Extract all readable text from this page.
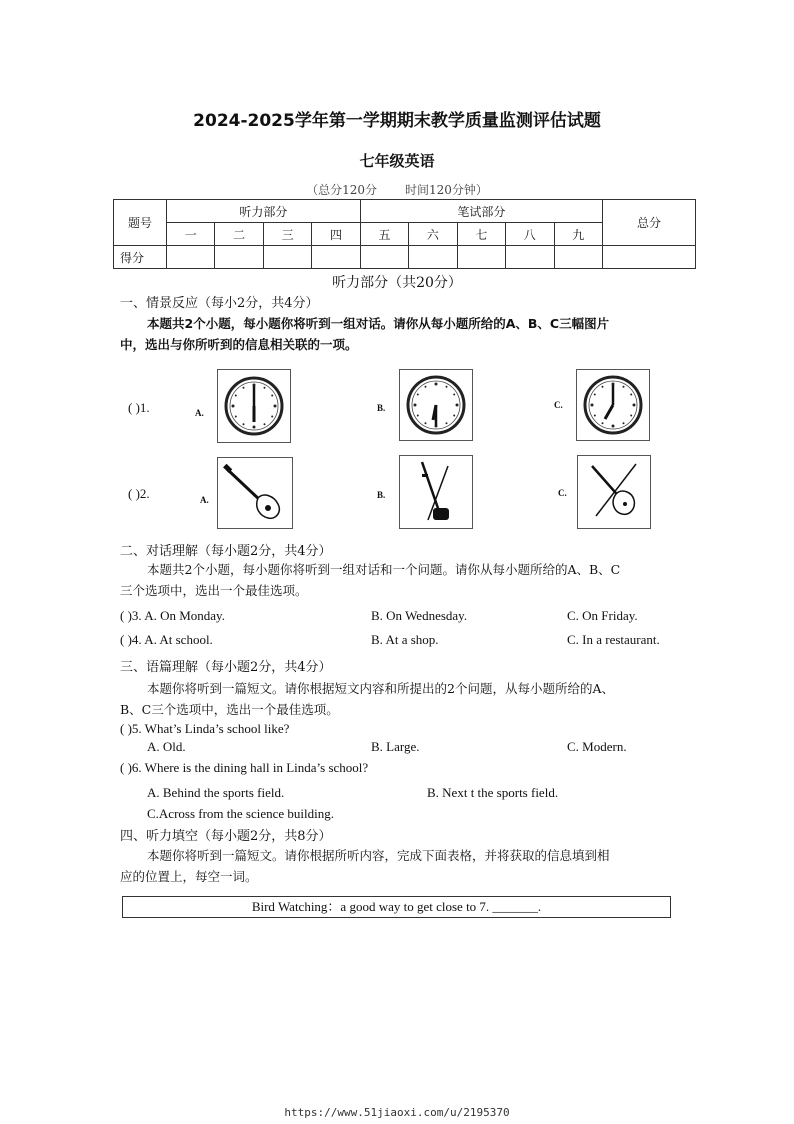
2024-2025学年第一学期期末教学质量监测评估试题
七年级英语
（总分120分 时间120分钟）
题号	听力部分				笔试部分					总分
	一	二	三	四	五	六	七	八	九	
得分										
听力部分（共20分）
一、情景反应（每小2分，共4分）
本题共2个小题，每小题你将听到一组对话。请你从每小题所给的A、B、C三幅图片
中，选出与你所听到的信息相关联的一项。
( )1.	A.	B.	C.
( )2.	A.	B.	C.
二、对话理解（每小题2分，共4分）
本题共2个小题，每小题你将听到一组对话和一个问题。请你从每小题所给的A、B、C
三个选项中，选出一个最佳选项。
( )3. A. On Monday.	B. On Wednesday.	C. On Friday.
( )4. A. At school.	B. At a shop.	C. In a restaurant.
三、语篇理解（每小题2分，共4分）
本题你将听到一篇短文。请你根据短文内容和所提出的2个问题，从每小题所给的A、
B、C三个选项中，选出一个最佳选项。
( )5. What’s Linda’s school like?
A. Old.	B. Large.	C. Modern.
( )6. Where is the dining hall in Linda’s school?
A. Behind the sports field.	B. Next t the sports field.
C.Across from the science building.
四、听力填空（每小题2分，共8分）
本题你将听到一篇短文。请你根据所听内容，完成下面表格，并将获取的信息填到相
应的位置上，每空一词。
Bird Watching：a good way to get close to 7. _______.
https://www.51jiaoxi.com/u/2195370
